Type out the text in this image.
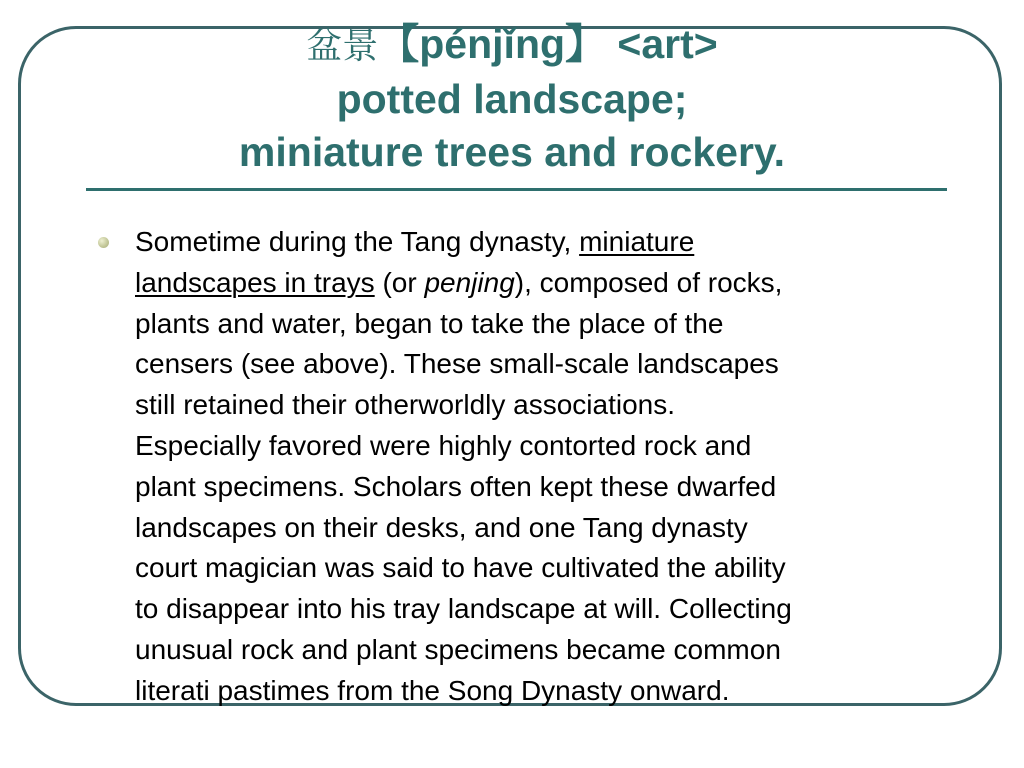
盆景【pénjǐng】 <art>
potted landscape;
miniature trees and rockery.
Sometime during the Tang dynasty, miniature
landscapes in trays (or penjing), composed of rocks,
plants and water, began to take the place of the
censers (see above). These small-scale landscapes
still retained their otherworldly associations.
Especially favored were highly contorted rock and
plant specimens. Scholars often kept these dwarfed
landscapes on their desks, and one Tang dynasty
court magician was said to have cultivated the ability
to disappear into his tray landscape at will. Collecting
unusual rock and plant specimens became common
literati pastimes from the Song Dynasty onward.
